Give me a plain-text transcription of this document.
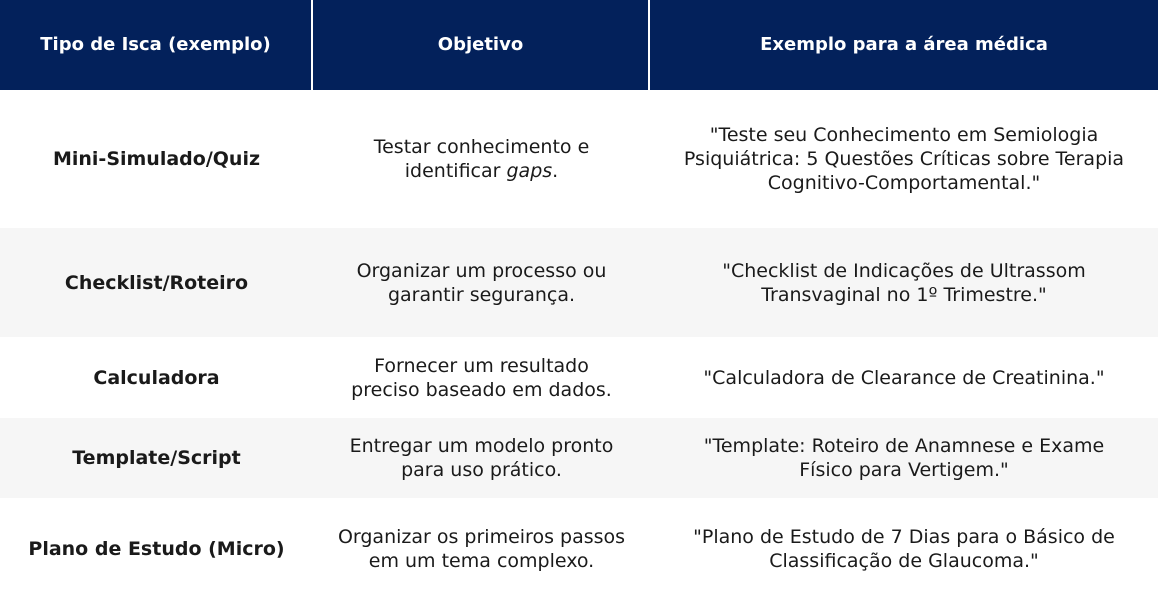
Tipo de Isca (exemplo)	Objetivo	Exemplo para a área médica
Mini-Simulado/Quiz
Testar conhecimento e identificar gaps.
"Teste seu Conhecimento em Semiologia Psiquiátrica: 5 Questões Críticas sobre Terapia Cognitivo-Comportamental."
Checklist/Roteiro
Organizar um processo ou garantir segurança.
"Checklist de Indicações de Ultrassom Transvaginal no 1º Trimestre."
Calculadora
Fornecer um resultado preciso baseado em dados.
"Calculadora de Clearance de Creatinina."
Template/Script
Entregar um modelo pronto para uso prático.
"Template: Roteiro de Anamnese e Exame Físico para Vertigem."
Plano de Estudo (Micro)
Organizar os primeiros passos em um tema complexo.
"Plano de Estudo de 7 Dias para o Básico de Classificação de Glaucoma."
